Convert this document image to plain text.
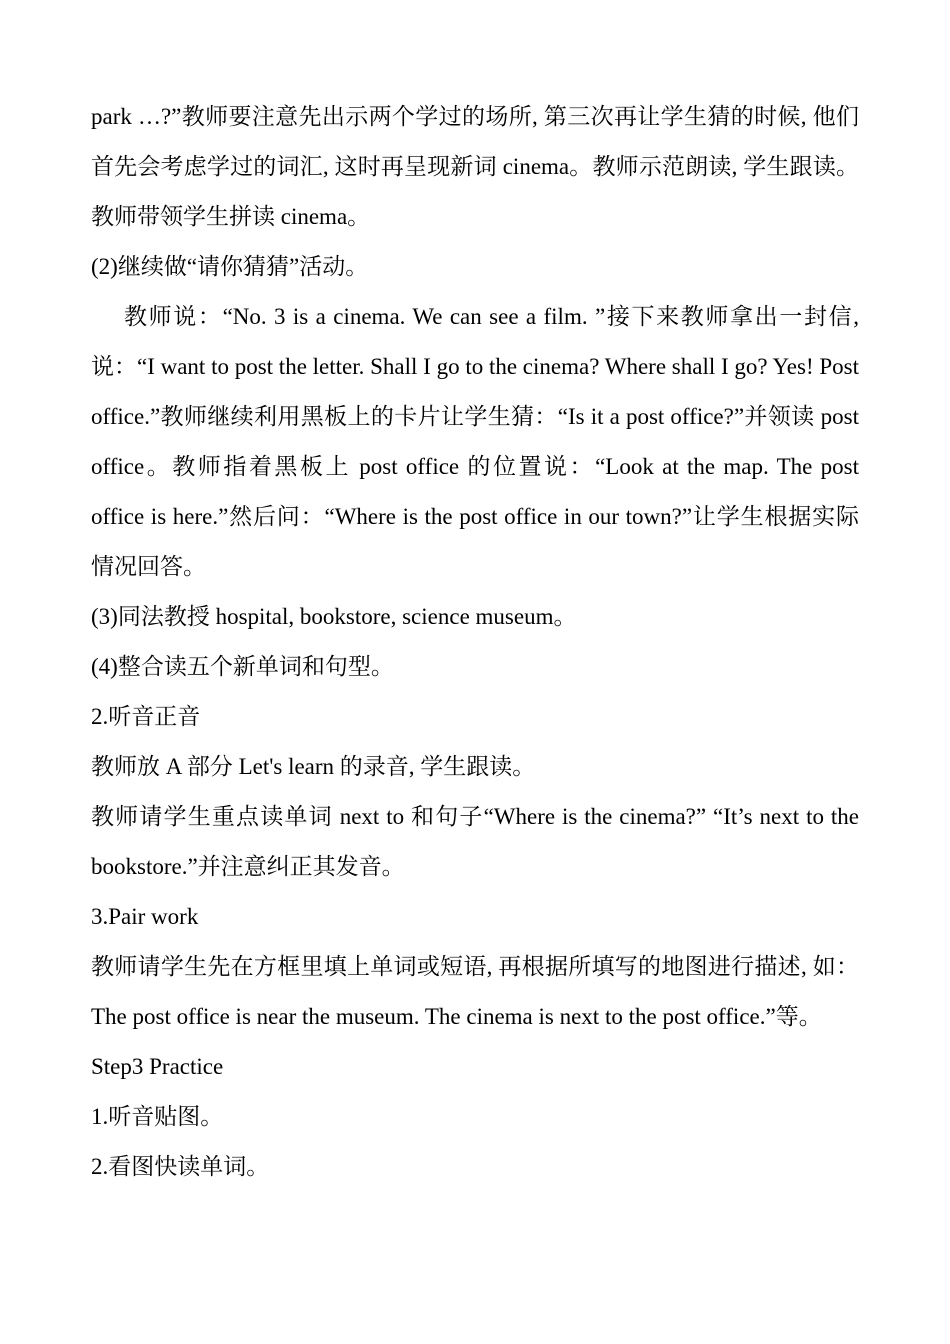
park …?”教师要注意先出示两个学过的场所, 第三次再让学生猜的时候, 他们首先会考虑学过的词汇, 这时再呈现新词 cinema。教师示范朗读, 学生跟读。教师带领学生拼读 cinema。

(2)继续做“请你猜猜”活动。

教师说：“No. 3 is a cinema. We can see a film. ”接下来教师拿出一封信, 说：“I want to post the letter. Shall I go to the cinema? Where shall I go? Yes! Post office.”教师继续利用黑板上的卡片让学生猜：“Is it a post office?”并领读 post office。教师指着黑板上 post office 的位置说：“Look at the map. The post office is here.”然后问：“Where is the post office in our town?”让学生根据实际情况回答。

(3)同法教授 hospital, bookstore, science museum。

(4)整合读五个新单词和句型。

2.听音正音

教师放 A 部分 Let's learn 的录音, 学生跟读。

教师请学生重点读单词 next to 和句子“Where is the cinema?” “It’s next to the bookstore.”并注意纠正其发音。

3.Pair work

教师请学生先在方框里填上单词或短语, 再根据所填写的地图进行描述, 如：The post office is near the museum. The cinema is next to the post office.”等。

Step3 Practice

1.听音贴图。

2.看图快读单词。
